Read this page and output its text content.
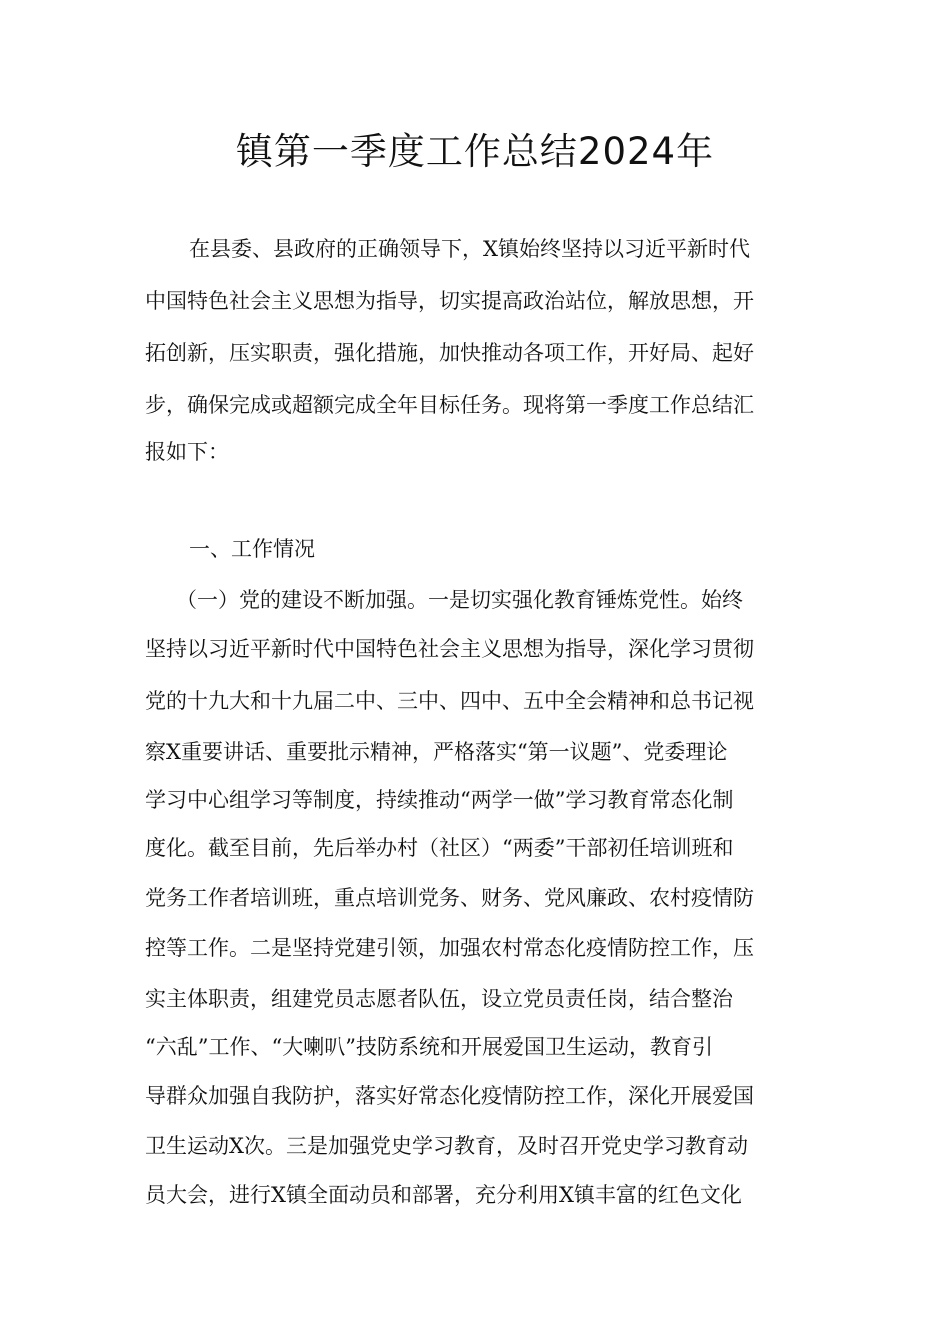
镇第一季度工作总结2024年

在县委、县政府的正确领导下，X镇始终坚持以习近平新时代

中国特色社会主义思想为指导，切实提高政治站位，解放思想，开

拓创新，压实职责，强化措施，加快推动各项工作，开好局、起好

步，确保完成或超额完成全年目标任务。现将第一季度工作总结汇

报如下：

一、工作情况

（一）党的建设不断加强。一是切实强化教育锤炼党性。始终

坚持以习近平新时代中国特色社会主义思想为指导，深化学习贯彻

党的十九大和十九届二中、三中、四中、五中全会精神和总书记视

察X重要讲话、重要批示精神，严格落实“第一议题”、党委理论

学习中心组学习等制度，持续推动“两学一做”学习教育常态化制

度化。截至目前，先后举办村（社区）“两委”干部初任培训班和

党务工作者培训班，重点培训党务、财务、党风廉政、农村疫情防

控等工作。二是坚持党建引领，加强农村常态化疫情防控工作，压

实主体职责，组建党员志愿者队伍，设立党员责任岗，结合整治

“六乱”工作、“大喇叭”技防系统和开展爱国卫生运动，教育引

导群众加强自我防护，落实好常态化疫情防控工作，深化开展爱国

卫生运动X次。三是加强党史学习教育，及时召开党史学习教育动

员大会，进行X镇全面动员和部署，充分利用X镇丰富的红色文化
